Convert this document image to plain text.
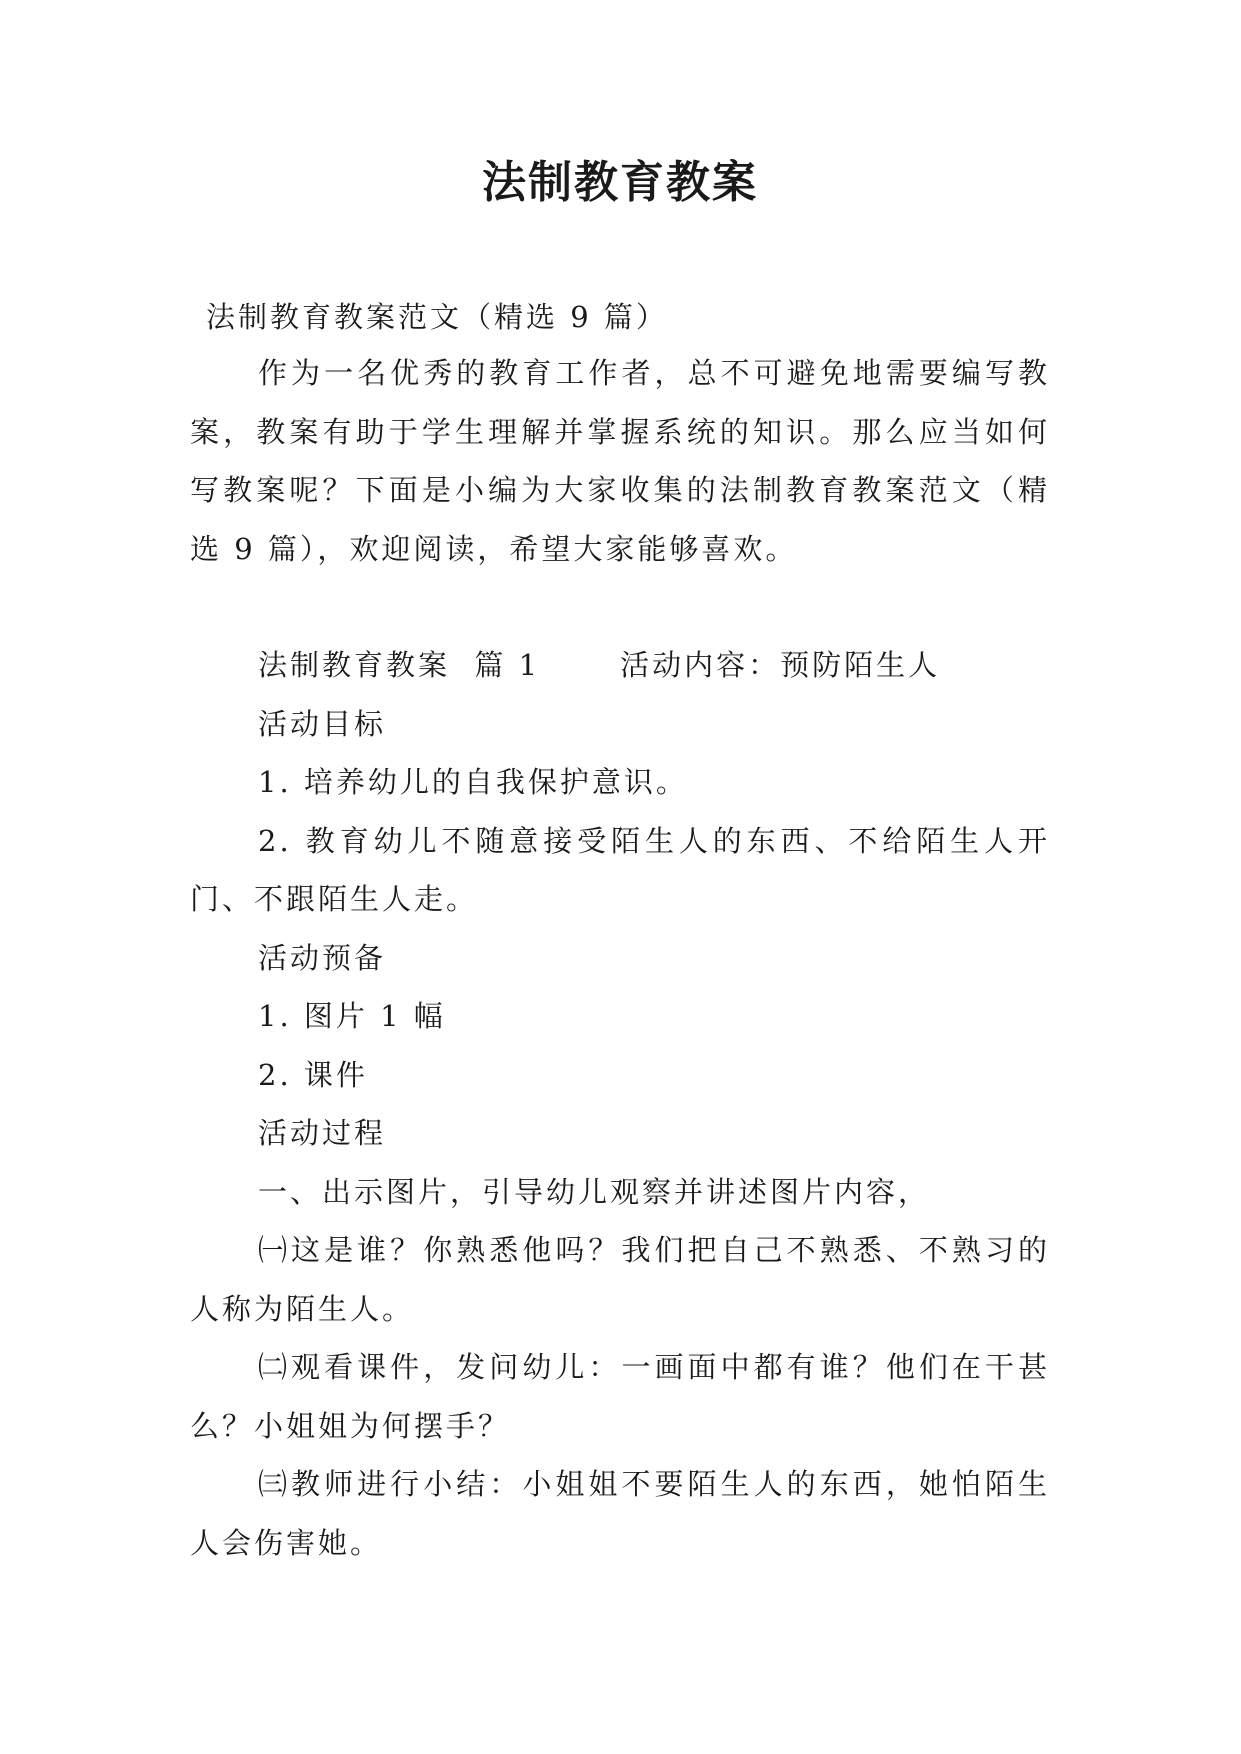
法制教育教案
法制教育教案范文（精选 9 篇）

作为一名优秀的教育工作者，总不可避免地需要编写教案，教案有助于学生理解并掌握系统的知识。那么应当如何写教案呢？下面是小编为大家收集的法制教育教案范文（精选 9 篇），欢迎阅读，希望大家能够喜欢。

法制教育教案  篇 1	活动内容：预防陌生人

活动目标

1. 培养幼儿的自我保护意识。

2. 教育幼儿不随意接受陌生人的东西、不给陌生人开门、不跟陌生人走。

活动预备

1. 图片 1 幅

2. 课件

活动过程

一、出示图片，引导幼儿观察并讲述图片内容，

㈠这是谁？你熟悉他吗？我们把自己不熟悉、不熟习的人称为陌生人。

㈡观看课件，发问幼儿：一画面中都有谁？他们在干甚么？小姐姐为何摆手？

㈢教师进行小结：小姐姐不要陌生人的东西，她怕陌生人会伤害她。
